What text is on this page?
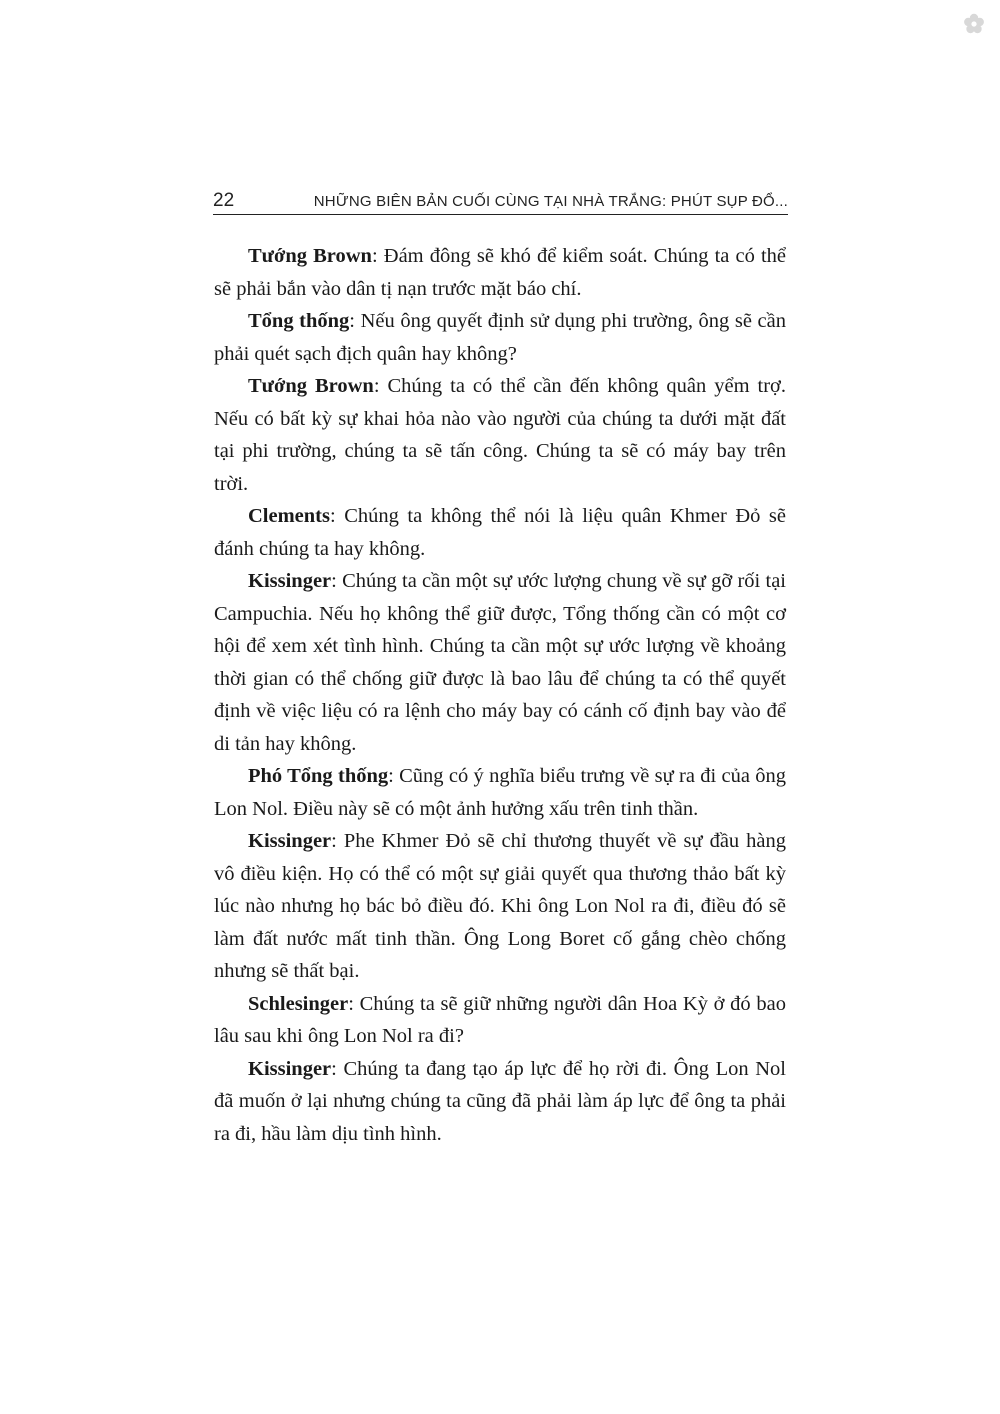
22	NHỮNG BIÊN BẢN CUỐI CÙNG TẠI NHÀ TRẮNG: PHÚT SỤP ĐỔ...

Tướng Brown: Đám đông sẽ khó để kiểm soát. Chúng ta có thể sẽ phải bắn vào dân tị nạn trước mặt báo chí.

Tổng thống: Nếu ông quyết định sử dụng phi trường, ông sẽ cần phải quét sạch địch quân hay không?

Tướng Brown: Chúng ta có thể cần đến không quân yểm trợ. Nếu có bất kỳ sự khai hỏa nào vào người của chúng ta dưới mặt đất tại phi trường, chúng ta sẽ tấn công. Chúng ta sẽ có máy bay trên trời.

Clements: Chúng ta không thể nói là liệu quân Khmer Đỏ sẽ đánh chúng ta hay không.

Kissinger: Chúng ta cần một sự ước lượng chung về sự gỡ rối tại Campuchia. Nếu họ không thể giữ được, Tổng thống cần có một cơ hội để xem xét tình hình. Chúng ta cần một sự ước lượng về khoảng thời gian có thể chống giữ được là bao lâu để chúng ta có thể quyết định về việc liệu có ra lệnh cho máy bay có cánh cố định bay vào để di tản hay không.

Phó Tổng thống: Cũng có ý nghĩa biểu trưng về sự ra đi của ông Lon Nol. Điều này sẽ có một ảnh hưởng xấu trên tinh thần.

Kissinger: Phe Khmer Đỏ sẽ chỉ thương thuyết về sự đầu hàng vô điều kiện. Họ có thể có một sự giải quyết qua thương thảo bất kỳ lúc nào nhưng họ bác bỏ điều đó. Khi ông Lon Nol ra đi, điều đó sẽ làm đất nước mất tinh thần. Ông Long Boret cố gắng chèo chống nhưng sẽ thất bại.

Schlesinger: Chúng ta sẽ giữ những người dân Hoa Kỳ ở đó bao lâu sau khi ông Lon Nol ra đi?

Kissinger: Chúng ta đang tạo áp lực để họ rời đi. Ông Lon Nol đã muốn ở lại nhưng chúng ta cũng đã phải làm áp lực để ông ta phải ra đi, hầu làm dịu tình hình.
